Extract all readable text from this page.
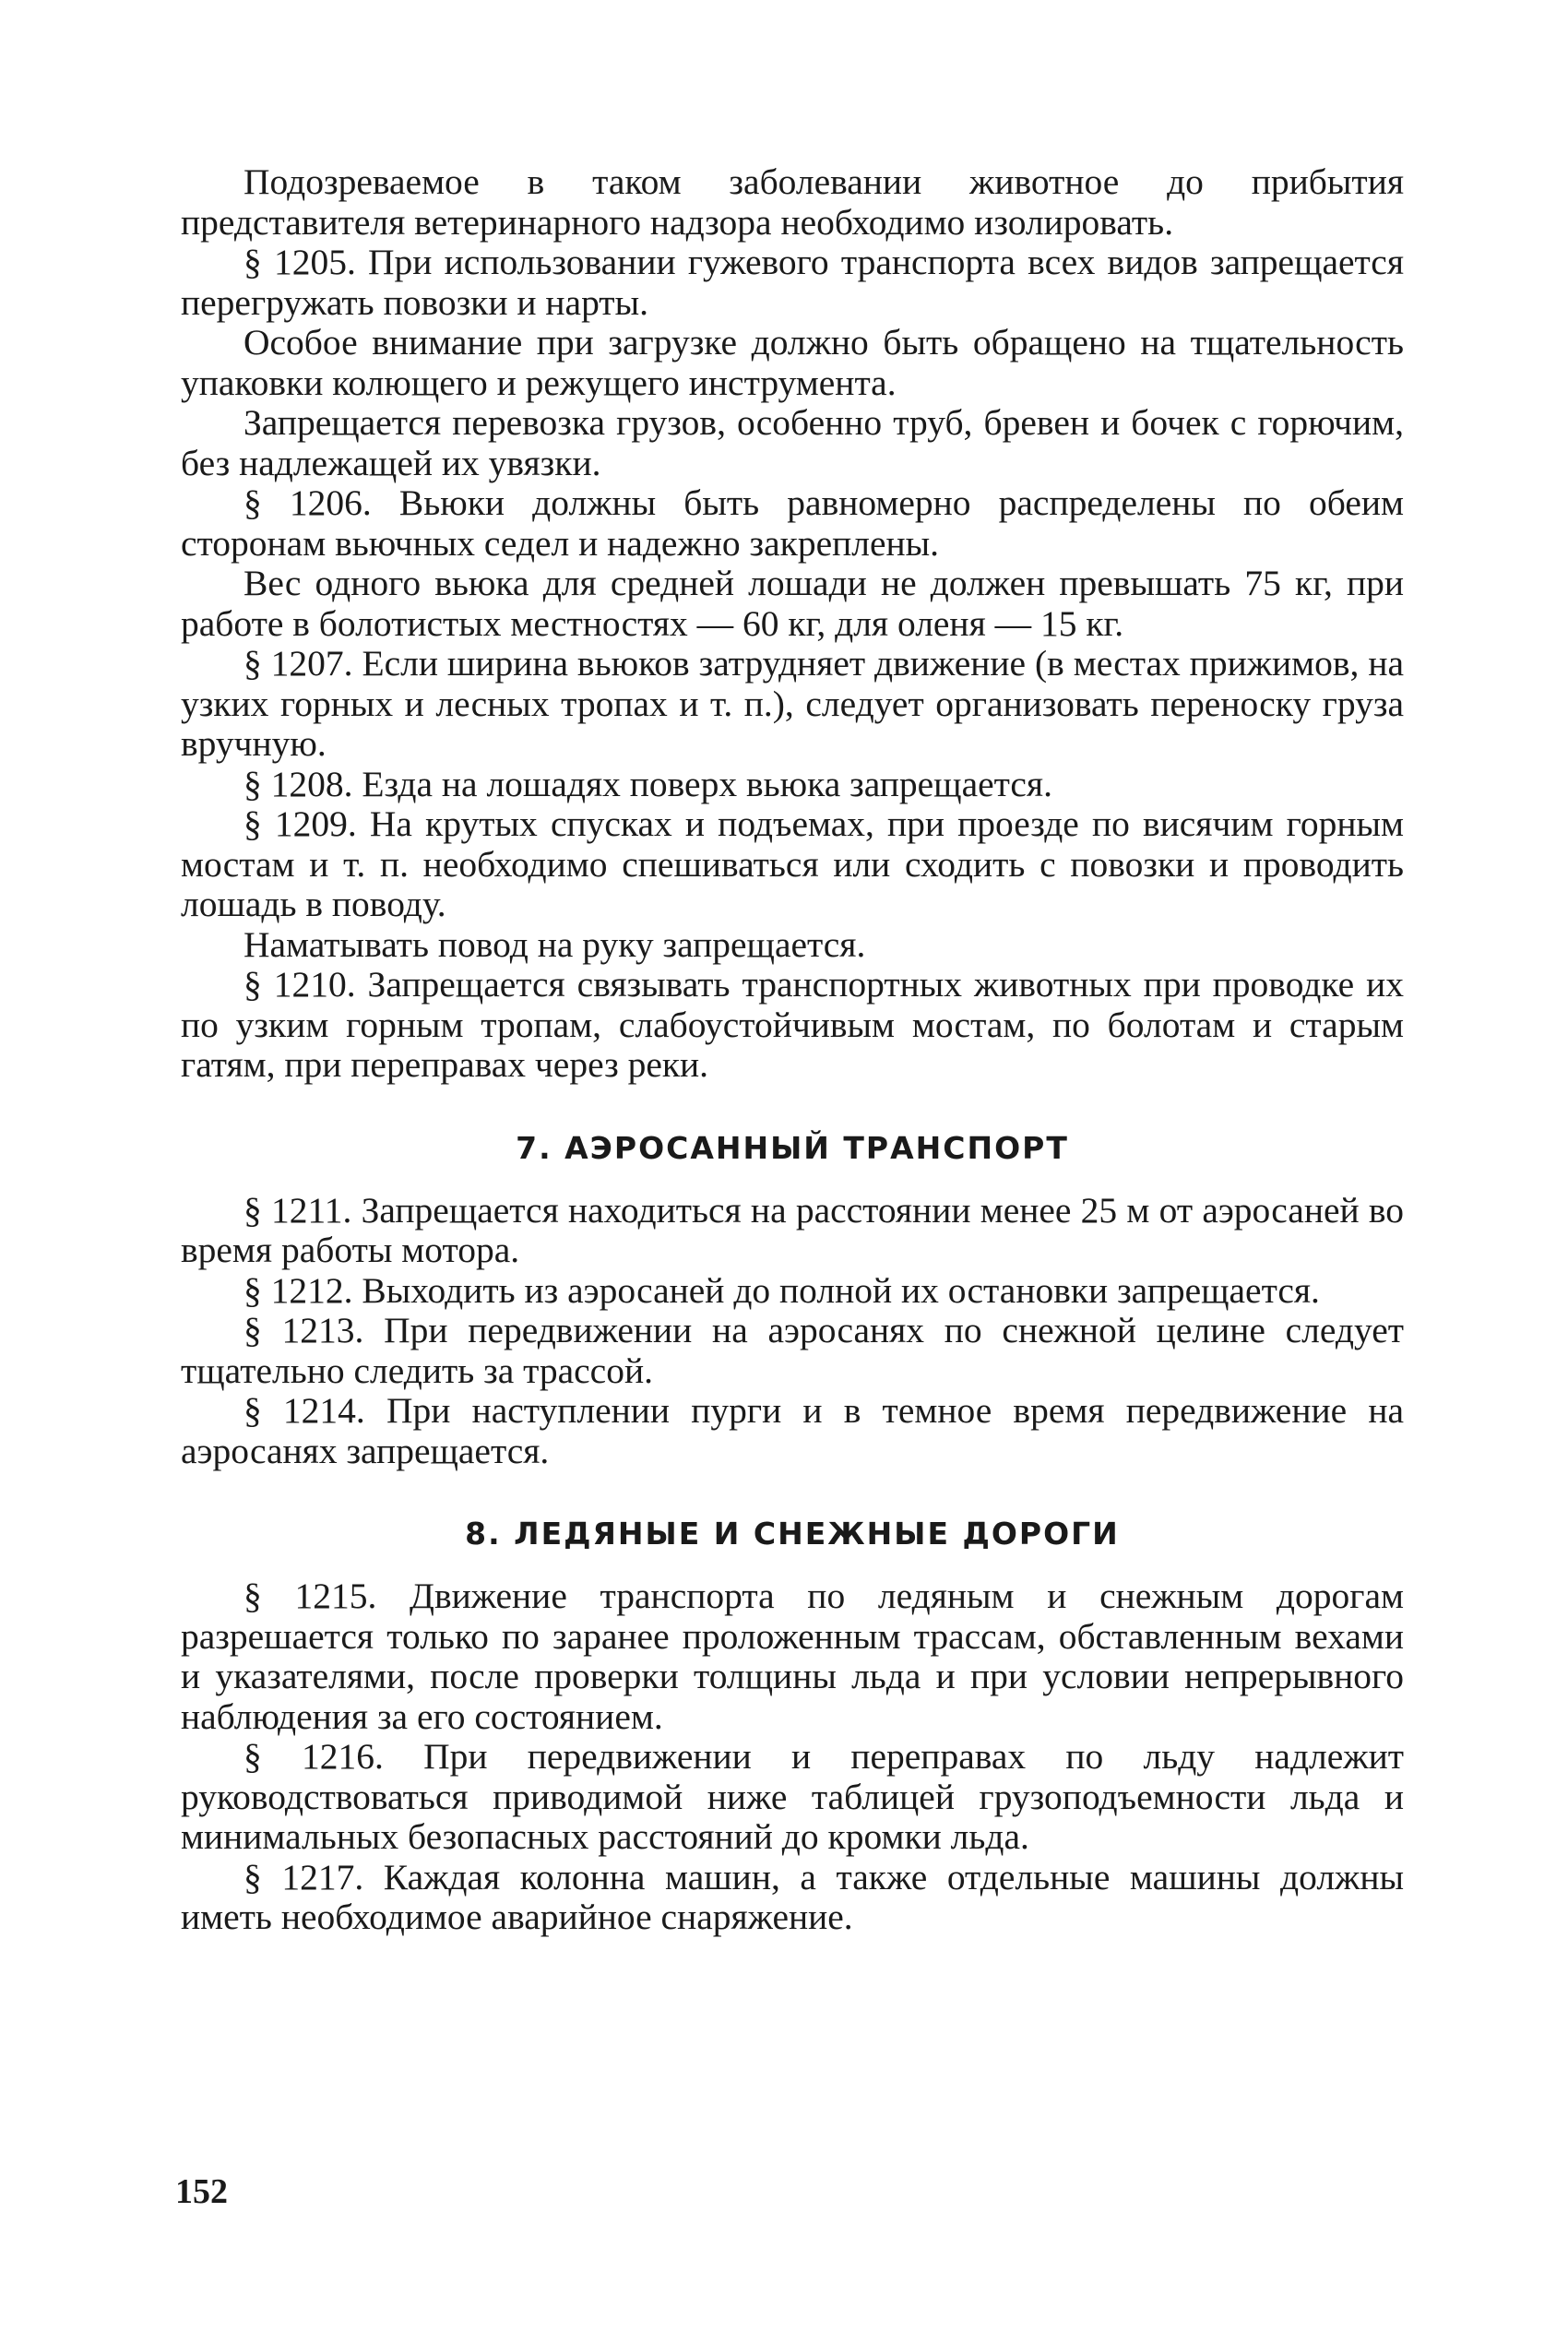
Подозреваемое в таком заболевании животное до прибытия представителя ветеринарного надзора необходимо изолировать.

§ 1205. При использовании гужевого транспорта всех видов запрещается перегружать повозки и нарты.

Особое внимание при загрузке должно быть обращено на тщательность упаковки колющего и режущего инструмента.

Запрещается перевозка грузов, особенно труб, бревен и бочек с горючим, без надлежащей их увязки.

§ 1206. Вьюки должны быть равномерно распределены по обеим сторонам вьючных седел и надежно закреплены.

Вес одного вьюка для средней лошади не должен превышать 75 кг, при работе в болотистых местностях — 60 кг, для оленя — 15 кг.

§ 1207. Если ширина вьюков затрудняет движение (в местах прижимов, на узких горных и лесных тропах и т. п.), следует организовать переноску груза вручную.

§ 1208. Езда на лошадях поверх вьюка запрещается.

§ 1209. На крутых спусках и подъемах, при проезде по висячим горным мостам и т. п. необходимо спешиваться или сходить с повозки и проводить лошадь в поводу.

Наматывать повод на руку запрещается.

§ 1210. Запрещается связывать транспортных животных при проводке их по узким горным тропам, слабоустойчивым мостам, по болотам и старым гатям, при переправах через реки.

7. АЭРОСАННЫЙ ТРАНСПОРТ

§ 1211. Запрещается находиться на расстоянии менее 25 м от аэросаней во время работы мотора.

§ 1212. Выходить из аэросаней до полной их остановки запрещается.

§ 1213. При передвижении на аэросанях по снежной целине следует тщательно следить за трассой.

§ 1214. При наступлении пурги и в темное время передвижение на аэросанях запрещается.

8. ЛЕДЯНЫЕ И СНЕЖНЫЕ ДОРОГИ

§ 1215. Движение транспорта по ледяным и снежным дорогам разрешается только по заранее проложенным трассам, обставленным вехами и указателями, после проверки толщины льда и при условии непрерывного наблюдения за его состоянием.

§ 1216. При передвижении и переправах по льду надлежит руководствоваться приводимой ниже таблицей грузоподъемности льда и минимальных безопасных расстояний до кромки льда.

§ 1217. Каждая колонна машин, а также отдельные машины должны иметь необходимое аварийное снаряжение.

152
